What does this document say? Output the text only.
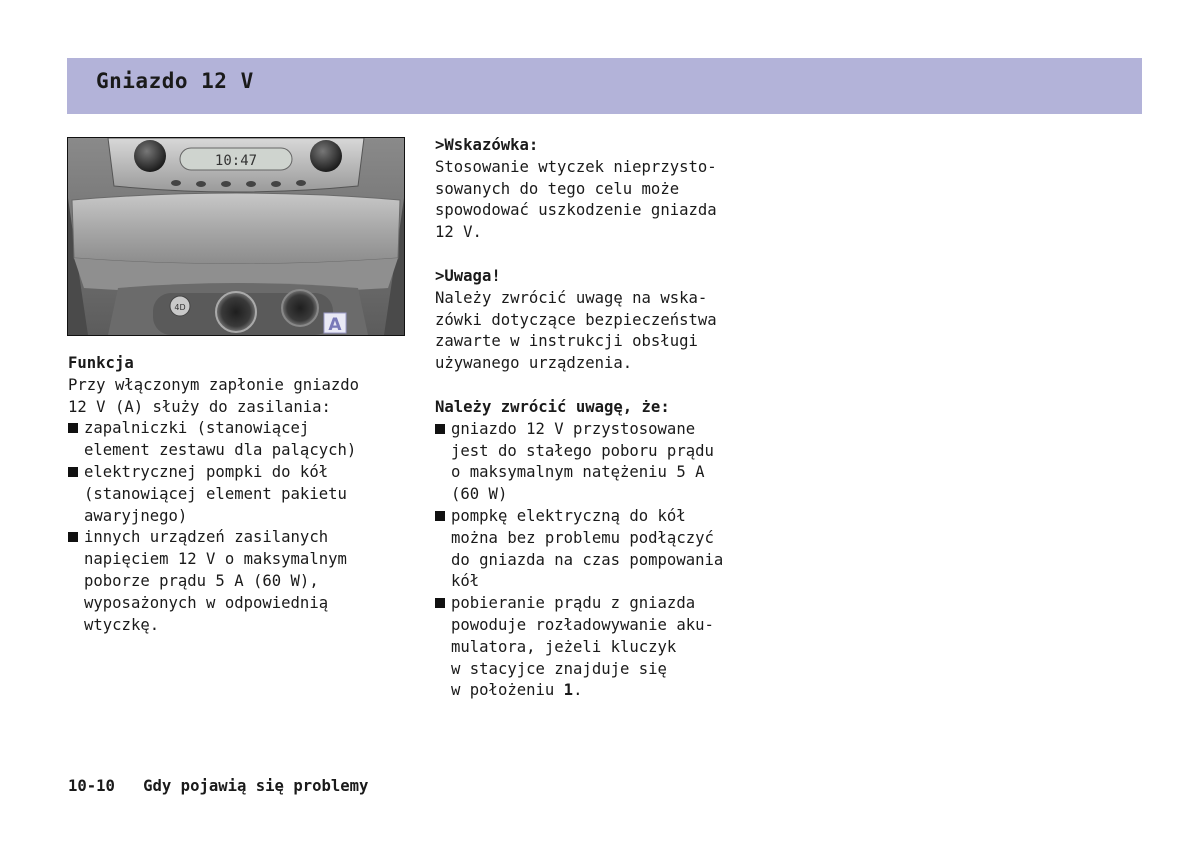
Gniazdo 12 V
10:47
4D
A

Funkcja

Przy włączonym zapłonie gniazdo
12 V (A) służy do zasilania:

zapalniczki (stanowiącej
element zestawu dla palących)
elektrycznej pompki do kół
(stanowiącej element pakietu
awaryjnego)
innych urządzeń zasilanych
napięciem 12 V o maksymalnym
poborze prądu 5 A (60 W),
wyposażonych w odpowiednią
wtyczkę.

>Wskazówka:

Stosowanie wtyczek nieprzysto-
sowanych do tego celu może
spowodować uszkodzenie gniazda
12 V.

>Uwaga!

Należy zwrócić uwagę na wska-
zówki dotyczące bezpieczeństwa
zawarte w instrukcji obsługi
używanego urządzenia.

Należy zwrócić uwagę, że:

gniazdo 12 V przystosowane
jest do stałego poboru prądu
o maksymalnym natężeniu 5 A
(60 W)
pompkę elektryczną do kół
można bez problemu podłączyć
do gniazda na czas pompowania
kół
pobieranie prądu z gniazda
powoduje rozładowywanie aku-
mulatora, jeżeli kluczyk
w stacyjce znajduje się
w położeniu 1.
10-10 Gdy pojawią się problemy
